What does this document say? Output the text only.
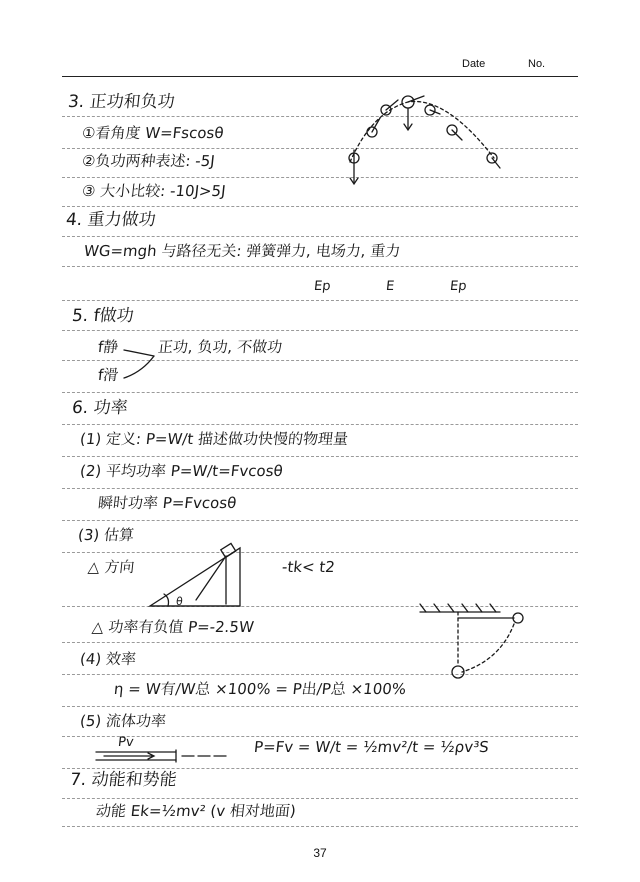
Date	No.
3. 正功和负功
①看角度 W=Fscosθ
②负功两种表述: -5J
③ 大小比较: -10J>5J
4. 重力做功
WG=mgh 与路径无关: 弹簧弹力, 电场力, 重力
Ep	E	Ep
5. f做功
f静
f滑
正功, 负功, 不做功
6. 功率
(1) 定义: P=W/t 描述做功快慢的物理量
(2) 平均功率 P=W/t=Fvcosθ
瞬时功率 P=Fvcosθ
(3) 估算
△ 方向	-tk< t2
θ
△ 功率有负值 P=-2.5W
(4) 效率
η = W有/W总 ×100% = P出/P总 ×100%
(5) 流体功率
Pv	P=Fv = W/t = ½mv²/t = ½ρv³S
7. 动能和势能
动能 Ek=½mv² (v 相对地面)
37
